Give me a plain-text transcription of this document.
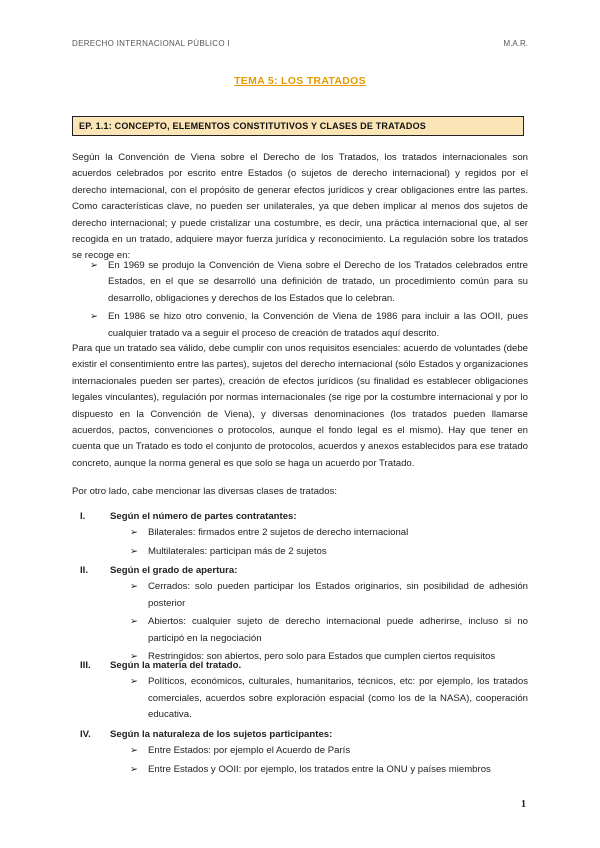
DERECHO INTERNACIONAL PÚBLICO I	M.A.R.
TEMA 5: LOS TRATADOS
EP. 1.1: CONCEPTO, ELEMENTOS CONSTITUTIVOS Y CLASES DE TRATADOS
Según la Convención de Viena sobre el Derecho de los Tratados, los tratados internacionales son acuerdos celebrados por escrito entre Estados (o sujetos de derecho internacional) y regidos por el derecho internacional, con el propósito de generar efectos jurídicos y crear obligaciones entre las partes. Como características clave, no pueden ser unilaterales, ya que deben implicar al menos dos sujetos de derecho internacional; y puede cristalizar una costumbre, es decir, una práctica internacional que, al ser recogida en un tratado, adquiere mayor fuerza jurídica y reconocimiento. La regulación sobre los tratados se recoge en:
➢ En 1969 se produjo la Convención de Viena sobre el Derecho de los Tratados celebrados entre Estados, en el que se desarrolló una definición de tratado, un procedimiento común para su desarrollo, obligaciones y derechos de los Estados que lo celebran.
➢ En 1986 se hizo otro convenio, la Convención de Viena de 1986 para incluir a las OOII, pues cualquier tratado va a seguir el proceso de creación de tratados aquí descrito.
Para que un tratado sea válido, debe cumplir con unos requisitos esenciales: acuerdo de voluntades (debe existir el consentimiento entre las partes), sujetos del derecho internacional (sólo Estados y organizaciones internacionales pueden ser partes), creación de efectos jurídicos (su finalidad es establecer obligaciones legales vinculantes), regulación por normas internacionales (se rige por la costumbre internacional y por lo dispuesto en la Convención de Viena), y diversas denominaciones (los tratados pueden llamarse acuerdos, pactos, convenciones o protocolos, aunque el fondo legal es el mismo). Hay que tener en cuenta que un Tratado es todo el conjunto de protocolos, acuerdos y anexos establecidos para ese tratado concreto, aunque la norma general es que solo se haga un acuerdo por Tratado.
Por otro lado, cabe mencionar las diversas clases de tratados:
I.	Según el número de partes contratantes:
➢ Bilaterales: firmados entre 2 sujetos de derecho internacional
➢ Multilaterales: participan más de 2 sujetos
II.	Según el grado de apertura:
➢ Cerrados: solo pueden participar los Estados originarios, sin posibilidad de adhesión posterior
➢ Abiertos: cualquier sujeto de derecho internacional puede adherirse, incluso si no participó en la negociación
➢ Restringidos: son abiertos, pero solo para Estados que cumplen ciertos requisitos
III.	Según la materia del tratado.
➢ Políticos, económicos, culturales, humanitarios, técnicos, etc: por ejemplo, los tratados comerciales, acuerdos sobre exploración espacial (como los de la NASA), cooperación educativa.
IV.	Según la naturaleza de los sujetos participantes:
➢ Entre Estados: por ejemplo el Acuerdo de París
➢ Entre Estados y OOII: por ejemplo, los tratados entre la ONU y países miembros
1
